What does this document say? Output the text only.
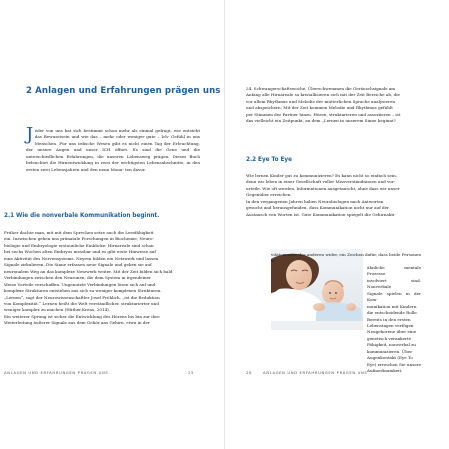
2 Anlagen und Erfahrungen prägen uns
J eder von uns hat sich bestimmt schon mehr als einmal gefragt, wie entsteht das Bewusstsein und wie das – mehr oder weniger gute – Ich- Gefühl in uns Menschen. Für uns irdische Wesen gibt es nicht einen Tag der Erleuchtung, der unsere Augen und unser ICH öffnet. Es sind die Gene und die unterschiedlichen Erfahrungen, die unseren Lebensweg prägen. Dieses Buch beleuchtet die Hirnentwicklung in zwei der wichtigsten Lebensabschnitte, in den ersten zwei Lebensjahren und den neun Mona- ten davor.
2.1 Wie die nonverbale Kommunikation beginnt.

Früher dachte man, mit mit dem Sprechen setze auch die Lernfähigkeit

ein. Inzwischen gehen uns pränatale Forschungen in Biochemie, Neuro-

biologie und Embryologie erstaunliche Einblicke: Hirnareale sind schon

bei sechs Wochen alten Embryos messbar und es gibt erste Hinweise auf

eine Aktivität des Nervensystems. Neyren bilden ein Netzwerk und lassen

Signale zirkulieren. Die Sinne erfassen neue Signale und geben sie auf

neuronalem Weg an das komplexe Netzwerk weiter. Mit der Zeit bilden sich bald

Verbindungen zwischen den Neuronen, die dem System in irgendeiner

Weise Vorteile verschaffen. Ungenutzte Verbindungen lösen sich auf und

komplexe Strukturen entstehen aus sich zu weniger komplexen Strukturen.

„Lernen“, sagt der Neurowissenschaftler Josef Fröhlich, „ist die Reduktion

von Komplexität.“ Lernen heißt die Welt verständlicher, strukturierter und

weniger komplex zu machen (Hüther,Krens, 2014).

Ein weiterer Sprung ist sicher die Entwicklung des Hörens bis hin zur ihre

Weiterleitung äußerer Signale aus dem Gehör ans Gehirn, etwa in der

ANLAGEN UND ERFAHRUNGEN PRÄGEN UNS	25

24. Schwangerschaftswoche. Überschwemmen die Geräuschsignale am

Anfang alle Hirnareale so kristallisieren sich mit der Zeit Bereiche ab, die

vor allem Rhythmus und Melodie der mütterlichen Sprache analysieren

und abspeichern. Mit der Zeit kommen Melodie und Rhythmus gefühlt

per Stimmen der Partner hinzu. Hören, strukturieren und assoziieren – ist

das vielleicht ein Zeitpunkt, an dem „Lernen in unserem Sinne beginnt?

2.2 Eye To Eye

Wie lernen Kinder gut zu kommunizieren? Es kann nicht so einfach sein,

denn wir leben in einer Gesellschaft voller Missverständnissen und vor-

urteile. Wie oft werden, Informationen ausgetauscht, ohne dass wir unser

Gegenüber erreichen.

In den vergangenen Jahren haben Neurobiologen nach Antworten

gesucht und herausgefunden, dass Kommunikation nicht nur auf der

Austausch von Worten ist. Gute Kommunikation spiegelt die Gehirnakti-

26	ANLAGEN UND ERFAHRUNGEN PRÄGEN UNS

vitätsmuster des anderen wider, ein Zeichen dafür, dass beide Personen in

ähnliche mentale Prozesse

involviert sind. Nonverbale

Signale spielen in der Kom-

munikation mit Kindern

die entscheidende Rolle.

Bereits in den ersten

Lebenstagen verfügen

Neugeborene über eine

genetisch verankerte

Fähigkeit, nonverbal zu

kommunizieren. Über

Augenkontakt (Eye To

Eye) erreichen Sie unsere

Aufmerksamkeit.
